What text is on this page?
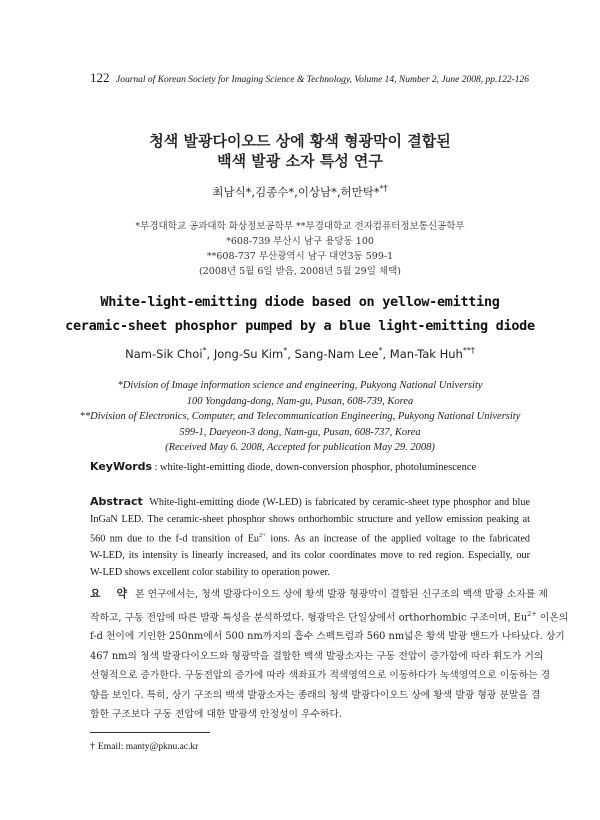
122 Journal of Korean Society for Imaging Science & Technology, Volume 14, Number 2, June 2008, pp.122-126
청색 발광다이오드 상에 황색 형광막이 결합된
백색 발광 소자 특성 연구
최남식*,김종수*,이상남*,허만탁**†
*부경대학교 공과대학 화상정보공학부 **부경대학교 전자컴퓨터정보통신공학부
*608-739 부산시 남구 용당동 100
**608-737 부산광역시 남구 대연3동 599-1
(2008년 5월 6일 받음, 2008년 5월 29일 채택)
White-light-emitting diode based on yellow-emitting
ceramic-sheet phosphor pumped by a blue light-emitting diode
Nam-Sik Choi*, Jong-Su Kim*, Sang-Nam Lee*, Man-Tak Huh**†
*Division of Image information science and engineering, Pukyong National University
100 Yongdang-dong, Nam-gu, Pusan, 608-739, Korea
**Division of Electronics, Computer, and Telecommunication Engineering, Pukyong National University
599-1, Daeyeon-3 dong, Nam-gu, Pusan, 608-737, Korea
(Received May 6. 2008, Accepted for publication May 29. 2008)
KeyWords : white-light-emitting diode, down-conversion phosphor, photoluminescence
Abstract White-light-emitting diode (W-LED) is fabricated by ceramic-sheet type phosphor and blue
InGaN LED. The ceramic-sheet phosphor shows orthorhombic structure and yellow emission peaking at
560 nm due to the f-d transition of $Eu^{2+}$ ions. As an increase of the applied voltage to the fabricated
W-LED, its intensity is linearly increased, and its color coordinates move to red region. Especially, our
W-LED shows excellent color stability to operation power.
요 약 본 연구에서는, 청색 발광다이오드 상에 황색 발광 형광막이 결합된 신구조의 백색 발광 소자를 제
작하고, 구동 전압에 따른 발광 특성을 분석하였다. 형광막은 단일상에서 orthorhombic 구조이며, $Eu^{2+}$ 이온의
f-d 천이에 기인한 250nm에서 500 nm까지의 흡수 스펙트럼과 560 nm넓은 황색 발광 밴드가 나타났다. 상기
467 nm의 청색 발광다이오드와 형광막을 결합한 백색 발광소자는 구동 전압이 증가함에 따라 휘도가 거의
선형적으로 증가한다. 구동전압의 증가에 따라 색좌표가 적색영역으로 이동하다가 녹색영역으로 이동하는 경
향을 보인다. 특히, 상기 구조의 백색 발광소자는 종래의 청색 발광다이오드 상에 황색 발광 형광 분말을 결
합한 구조보다 구동 전압에 대한 발광색 안정성이 우수하다.
† Email: manty@pknu.ac.kr
